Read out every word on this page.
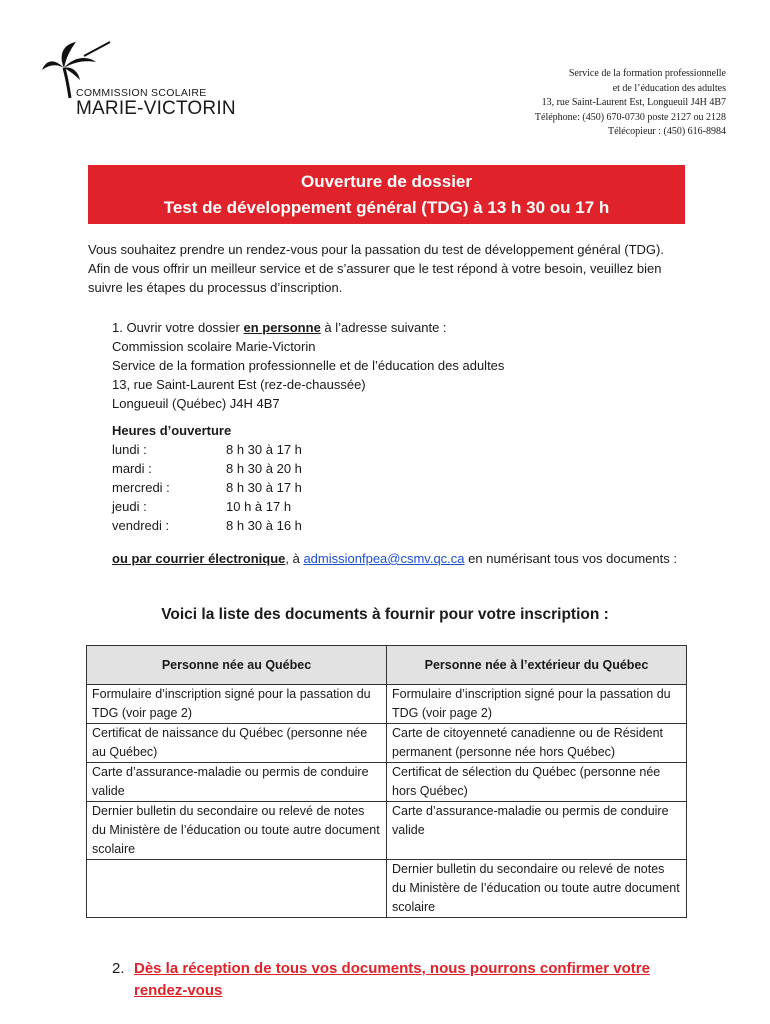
COMMISSION SCOLAIRE
MARIE-VICTORIN
Service de la formation professionnelle
et de l’éducation des adultes
13, rue Saint-Laurent Est, Longueuil J4H 4B7
Téléphone: (450) 670-0730 poste 2127 ou 2128
Télécopieur : (450) 616-8984
Ouverture de dossier
Test de développement général (TDG) à 13 h 30 ou 17 h
Vous souhaitez prendre un rendez-vous pour la passation du test de développement général (TDG). Afin de vous offrir un meilleur service et de s’assurer que le test répond à votre besoin, veuillez bien suivre les étapes du processus d’inscription.
1. Ouvrir votre dossier en personne à l’adresse suivante :
Commission scolaire Marie-Victorin
Service de la formation professionnelle et de l’éducation des adultes
13, rue Saint-Laurent Est (rez-de-chaussée)
Longueuil (Québec) J4H 4B7
Heures d’ouverture
lundi :	8 h 30 à 17 h
mardi :	8 h 30 à 20 h
mercredi :	8 h 30 à 17 h
jeudi :	10 h à 17 h
vendredi :	8 h 30 à 16 h
ou par courrier électronique, à admissionfpea@csmv.qc.ca en numérisant tous vos documents :
Voici la liste des documents à fournir pour votre inscription :
Personne née au Québec	Personne née à l’extérieur du Québec
Formulaire d’inscription signé pour la passation du TDG (voir page 2)	Formulaire d’inscription signé pour la passation du TDG (voir page 2)
Certificat de naissance du Québec (personne née au Québec)	Carte de citoyenneté canadienne ou de Résident permanent (personne née hors Québec)
Carte d’assurance-maladie ou permis de conduire valide	Certificat de sélection du Québec (personne née hors Québec)
Dernier bulletin du secondaire ou relevé de notes du Ministère de l’éducation ou toute autre document scolaire	Carte d’assurance-maladie ou permis de conduire valide
	Dernier bulletin du secondaire ou relevé de notes du Ministère de l’éducation ou toute autre document scolaire
2. Dès la réception de tous vos documents, nous pourrons confirmer votre
rendez-vous
